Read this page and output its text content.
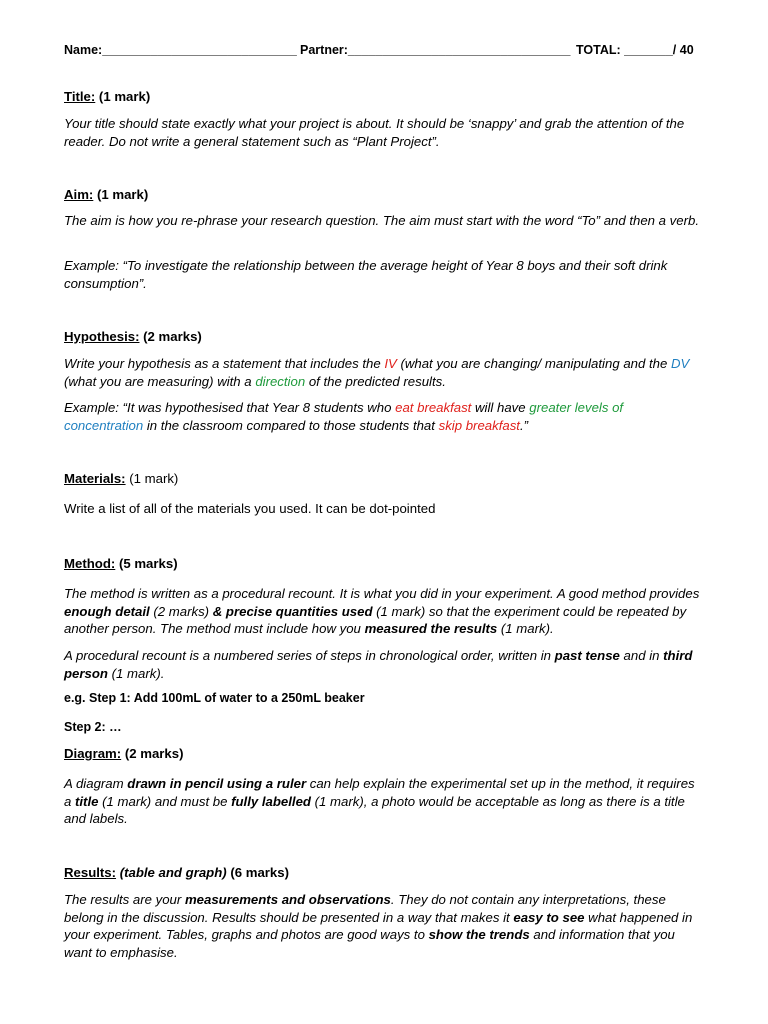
Name:____________________________ Partner:________________________________ TOTAL: _______/ 40
Title: (1 mark)
Your title should state exactly what your project is about. It should be ‘snappy’ and grab the attention of the reader. Do not write a general statement such as “Plant Project”.
Aim: (1 mark)
The aim is how you re-phrase your research question. The aim must start with the word “To” and then a verb.
Example: “To investigate the relationship between the average height of Year 8 boys and their soft drink consumption”.
Hypothesis: (2 marks)
Write your hypothesis as a statement that includes the IV (what you are changing/ manipulating and the DV (what you are measuring) with a direction of the predicted results.
Example: “It was hypothesised that Year 8 students who eat breakfast will have greater levels of concentration in the classroom compared to those students that skip breakfast.”
Materials: (1 mark)
Write a list of all of the materials you used. It can be dot-pointed
Method: (5 marks)
The method is written as a procedural recount. It is what you did in your experiment. A good method provides enough detail (2 marks) & precise quantities used (1 mark) so that the experiment could be repeated by another person. The method must include how you measured the results (1 mark).
A procedural recount is a numbered series of steps in chronological order, written in past tense and in third person (1 mark).
e.g. Step 1: Add 100mL of water to a 250mL beaker
Step 2: …
Diagram: (2 marks)
A diagram drawn in pencil using a ruler can help explain the experimental set up in the method, it requires a title (1 mark) and must be fully labelled (1 mark), a photo would be acceptable as long as there is a title and labels.
Results: (table and graph) (6 marks)
The results are your measurements and observations. They do not contain any interpretations, these belong in the discussion. Results should be presented in a way that makes it easy to see what happened in your experiment. Tables, graphs and photos are good ways to show the trends and information that you want to emphasise.
